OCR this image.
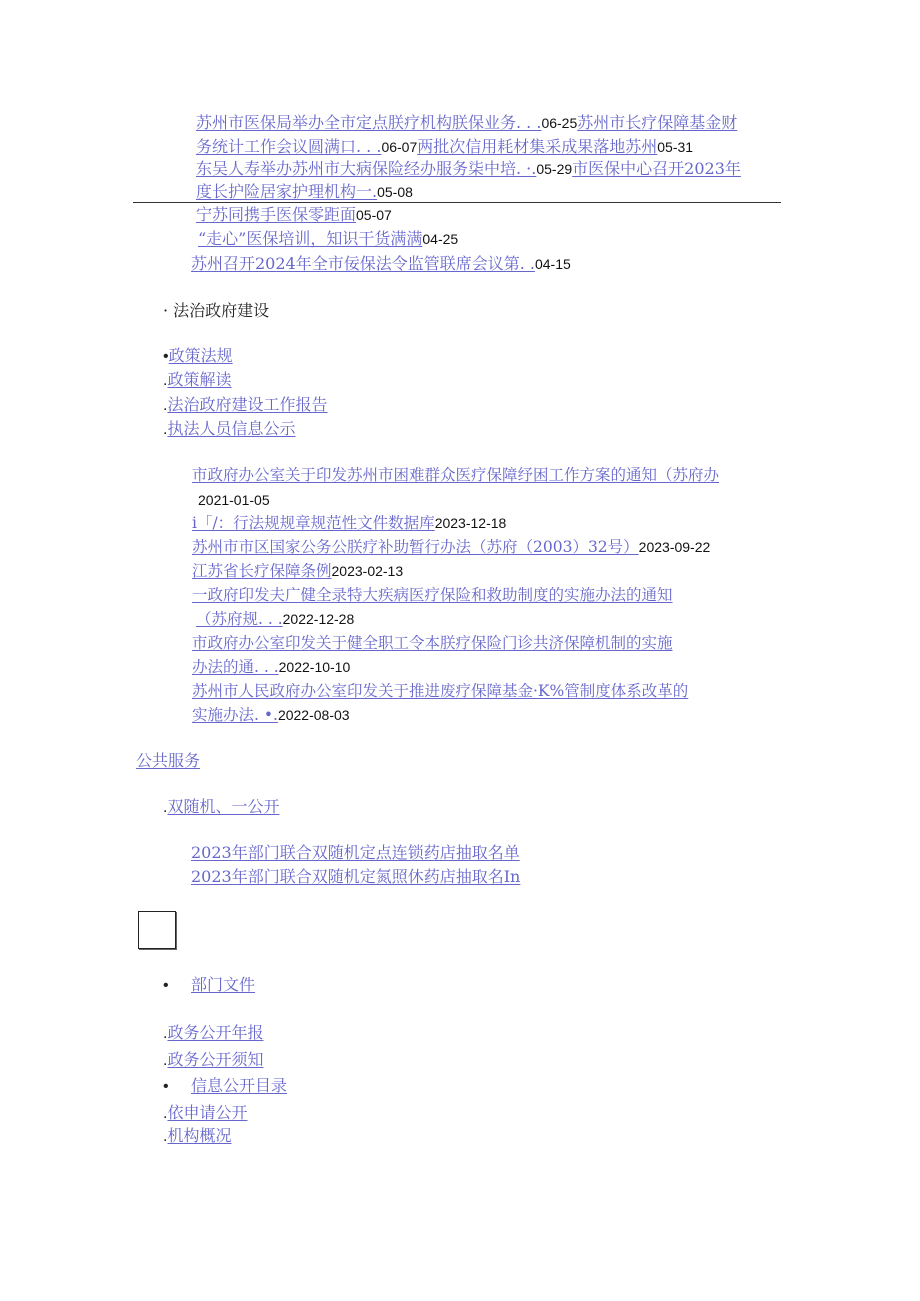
苏州市医保局举办全市定点朕疗机构朕保业务. . .06-25苏州市长疗保障基金财
务统计工作会议圆满口. . .06-07两批次信用耗材集采成果落地苏州05-31
东吴人寿举办苏州市大病保险经办服务柒中培. ·.05-29市医保中心召开2023年
度长护险居家护理机构一.05-08
宁苏同携手医保零距面05-07
“走心”医保培训，知识干货满满04-25
苏州召开2024年全市佞保法令监管联席会议第. .04-15
· 法治政府建设
•政策法规
.政策解读
.法治政府建设工作报告
.执法人员信息公示
市政府办公室关于印发苏州市困难群众医疗保障纾困工作方案的通知（苏府办
2021-01-05
i「/：行法规规章规范性文件数据库2023-12-18
苏州市市区国家公务公朕疗补助暂行办法（苏府（2003）32号）2023-09-22
江苏省长疗保障条例2023-02-13
一政府印发夫广健全录特大疾病医疗保险和救助制度的实施办法的通知
（苏府规. . .2022-12-28
市政府办公室印发关于健全职工令本朕疗保险门诊共济保障机制的实施
办法的通. . .2022-10-10
苏州市人民政府办公室印发关于推进废疗保障基金·K%管制度体系改革的
实施办法. •.2022-08-03
公共服务
.双随机、一公开
2023年部门联合双随机定点连锁药店抽取名单
2023年部门联合双随机定氮照休药店抽取名In
• 部门文件
.政务公开年报
.政务公开须知
• 信息公开目录
.依申请公开
.机构概况
